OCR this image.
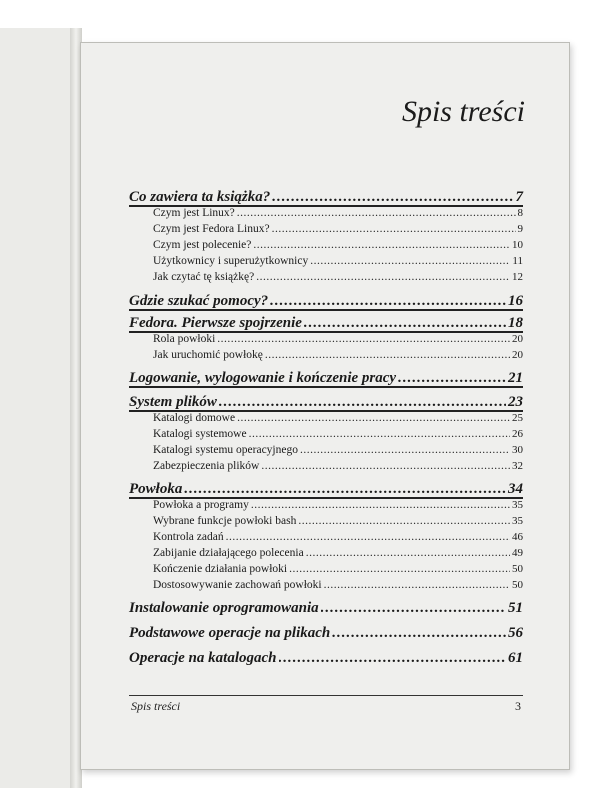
Spis treści
Co zawiera ta książka? .....	7
Czym jest Linux? .....	8
Czym jest Fedora Linux? .....	9
Czym jest polecenie? .....	10
Użytkownicy i superużytkownicy .....	11
Jak czytać tę książkę? .....	12
Gdzie szukać pomocy? .....	16
Fedora. Pierwsze spojrzenie .....	18
Rola powłoki .....	20
Jak uruchomić powłokę .....	20
Logowanie, wylogowanie i kończenie pracy .....	21
System plików .....	23
Katalogi domowe .....	25
Katalogi systemowe .....	26
Katalogi systemu operacyjnego .....	30
Zabezpieczenia plików .....	32
Powłoka .....	34
Powłoka a programy .....	35
Wybrane funkcje powłoki bash .....	35
Kontrola zadań .....	46
Zabijanie działającego polecenia .....	49
Kończenie działania powłoki .....	50
Dostosowywanie zachowań powłoki .....	50
Instalowanie oprogramowania .....	51
Podstawowe operacje na plikach .....	56
Operacje na katalogach .....	61
Spis treści	3
